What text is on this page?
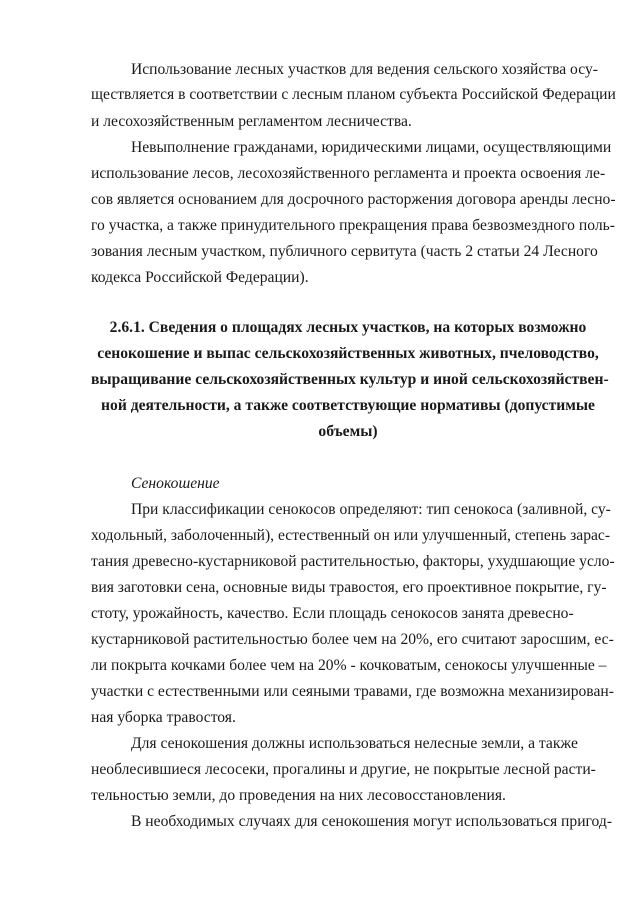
Использование лесных участков для ведения сельского хозяйства осу-
ществляется в соответствии с лесным планом субъекта Российской Федерации
и лесохозяйственным регламентом лесничества.
Невыполнение гражданами, юридическими лицами, осуществляющими
использование лесов, лесохозяйственного регламента и проекта освоения ле-
сов является основанием для досрочного расторжения договора аренды лесно-
го участка, а также принудительного прекращения права безвозмездного поль-
зования лесным участком, публичного сервитута (часть 2 статьи 24 Лесного
кодекса Российской Федерации).
2.6.1. Сведения о площадях лесных участков, на которых возможно
сенокошение и выпас сельскохозяйственных животных, пчеловодство,
выращивание сельскохозяйственных культур и иной сельскохозяйствен-
ной деятельности, а также соответствующие нормативы (допустимые
объемы)
Сенокошение
При классификации сенокосов определяют: тип сенокоса (заливной, су-
ходольный, заболоченный), естественный он или улучшенный, степень зарас-
тания древесно-кустарниковой растительностью, факторы, ухудшающие усло-
вия заготовки сена, основные виды травостоя, его проективное покрытие, гу-
стоту, урожайность, качество. Если площадь сенокосов занята древесно-
кустарниковой растительностью более чем на 20%, его считают заросшим, ес-
ли покрыта кочками более чем на 20% - кочковатым, сенокосы улучшенные –
участки с естественными или сеяными травами, где возможна механизирован-
ная уборка травостоя.
Для сенокошения должны использоваться нелесные земли, а также
необлесившиеся лесосеки, прогалины и другие, не покрытые лесной расти-
тельностью земли, до проведения на них лесовосстановления.
В необходимых случаях для сенокошения могут использоваться пригод-
